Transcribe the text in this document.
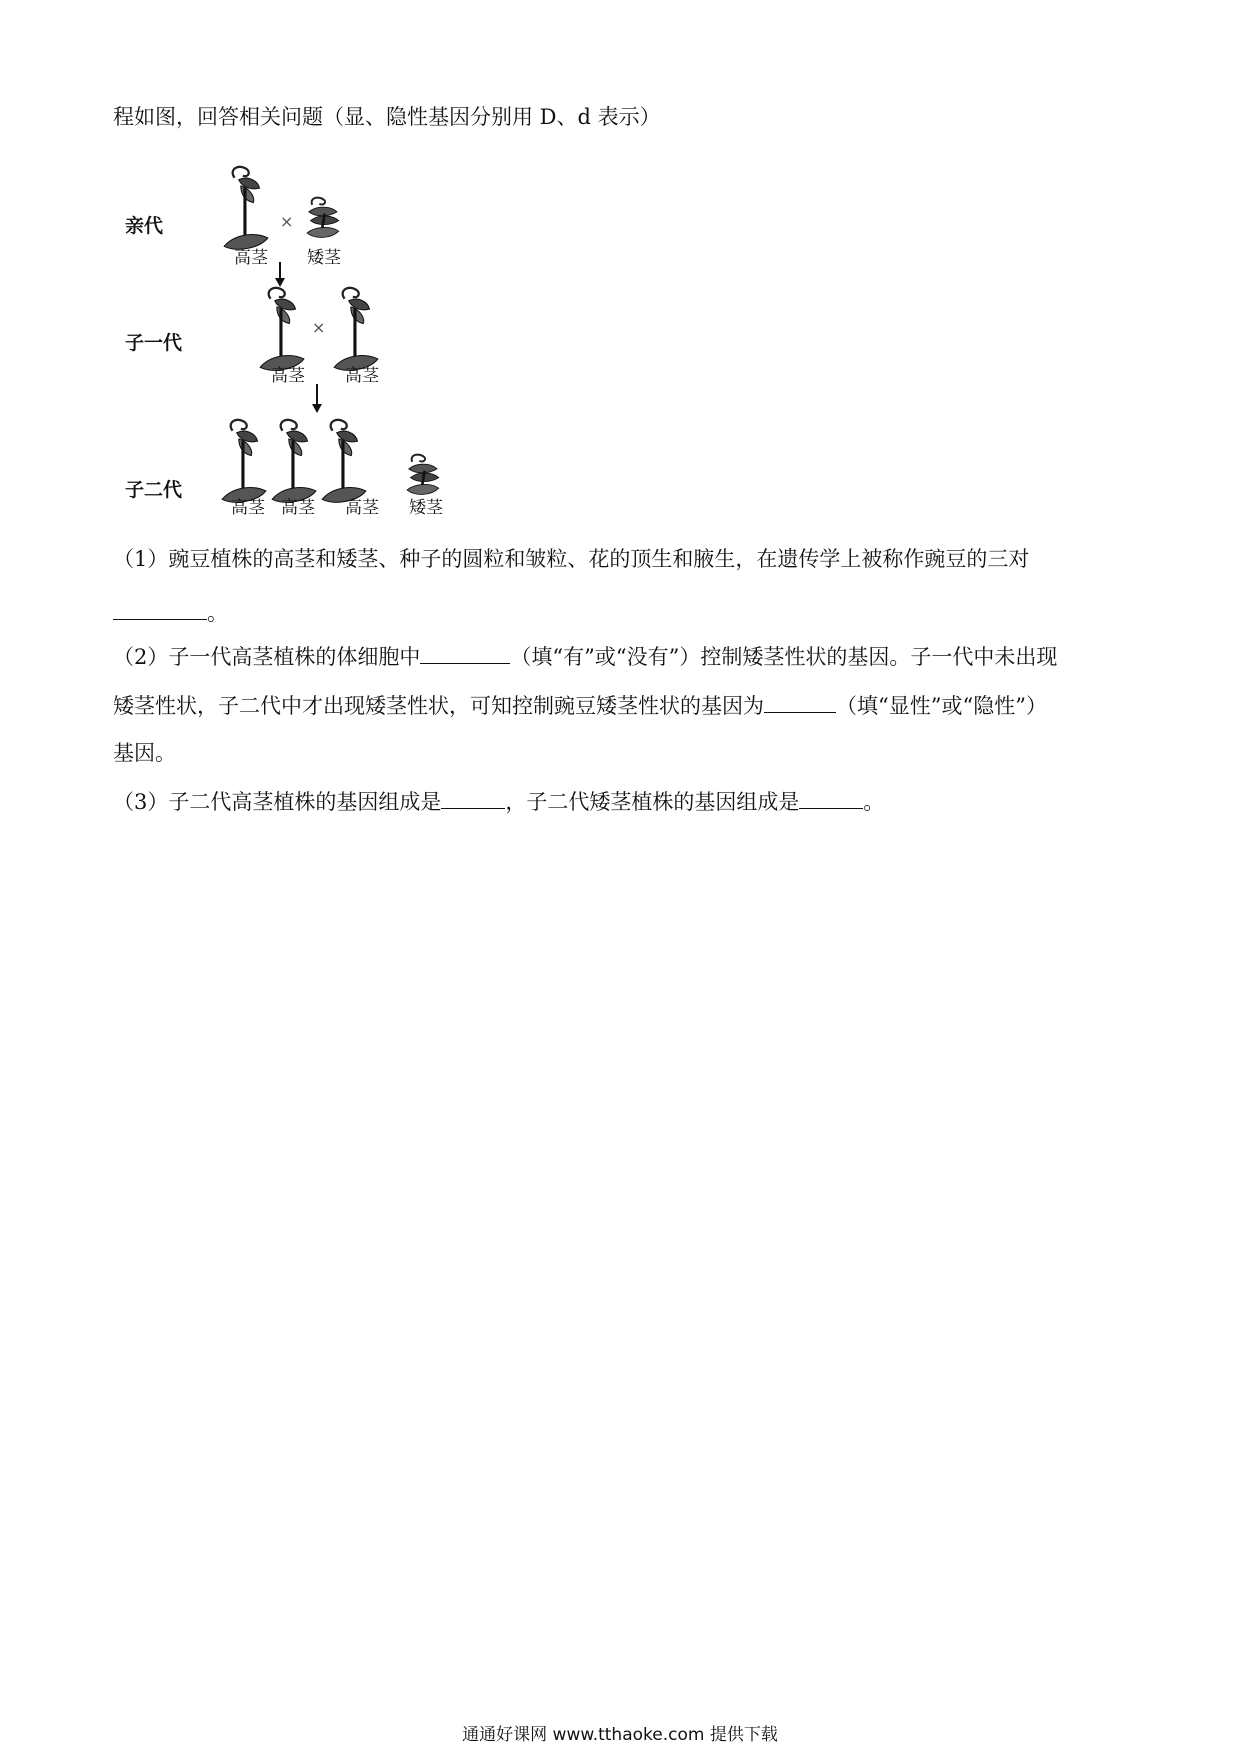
程如图，回答相关问题（显、隐性基因分别用 D、d 表示）
亲代	×
高茎	矮茎
子一代
×
高茎	高茎
子二代
高茎 高茎	高茎	矮茎
（1）豌豆植株的高茎和矮茎、种子的圆粒和皱粒、花的顶生和腋生，在遗传学上被称作豌豆的三对
。
（2）子一代高茎植株的体细胞中	（填“有”或“没有”）控制矮茎性状的基因。子一代中未出现
矮茎性状，子二代中才出现矮茎性状，可知控制豌豆矮茎性状的基因为	（填“显性”或“隐性”）
基因。
（3）子二代高茎植株的基因组成是	，子二代矮茎植株的基因组成是	。
通通好课网 www.tthaoke.com 提供下载
